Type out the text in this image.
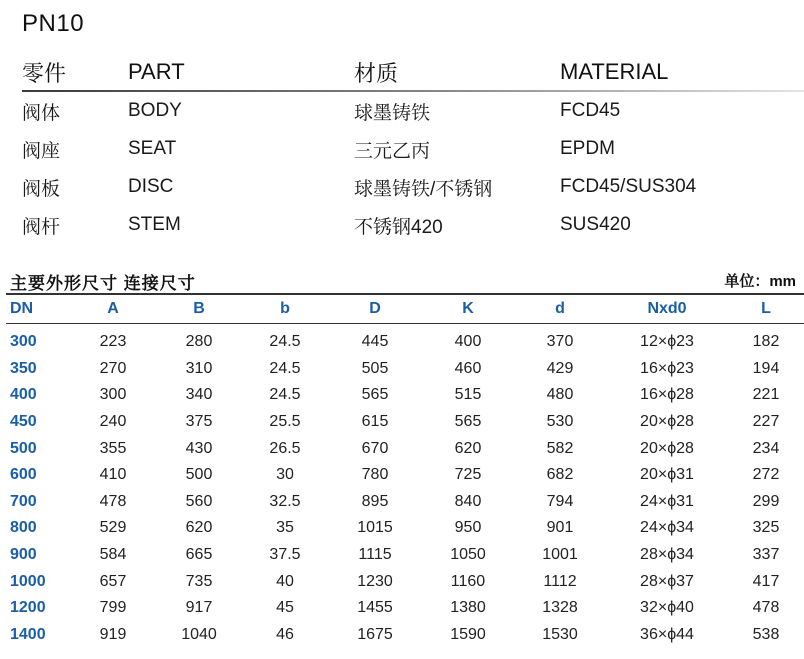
PN10
零件	PART	材质	MATERIAL
阀体	BODY	球墨铸铁	FCD45
阀座	SEAT	三元乙丙	EPDM
阀板	DISC	球墨铸铁/不锈钢	FCD45/SUS304
阀杆	STEM	不锈钢420	SUS420
主要外形尺寸 连接尺寸	单位：mm
DN	A	B	b	D	K	d	Nxd0	L
300	223	280	24.5	445	400	370	12×ϕ23	182
350	270	310	24.5	505	460	429	16×ϕ23	194
400	300	340	24.5	565	515	480	16×ϕ28	221
450	240	375	25.5	615	565	530	20×ϕ28	227
500	355	430	26.5	670	620	582	20×ϕ28	234
600	410	500	30	780	725	682	20×ϕ31	272
700	478	560	32.5	895	840	794	24×ϕ31	299
800	529	620	35	1015	950	901	24×ϕ34	325
900	584	665	37.5	1115	1050	1001	28×ϕ34	337
1000	657	735	40	1230	1160	1112	28×ϕ37	417
1200	799	917	45	1455	1380	1328	32×ϕ40	478
1400	919	1040	46	1675	1590	1530	36×ϕ44	538
